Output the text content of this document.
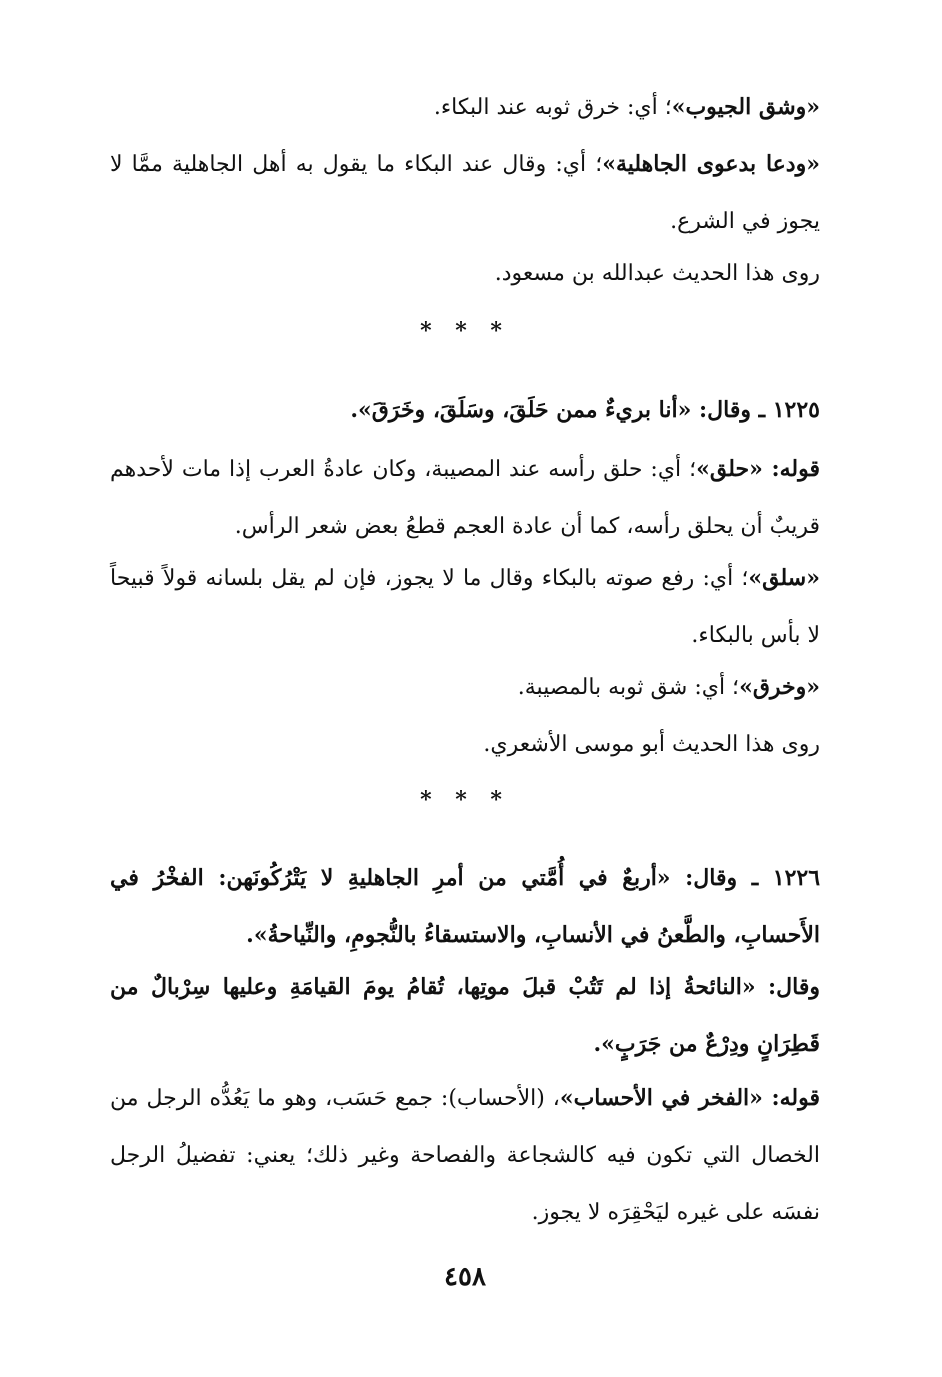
«وشق الجيوب»؛ أي: خرق ثوبه عند البكاء.

«ودعا بدعوى الجاهلية»؛ أي: وقال عند البكاء ما يقول به أهل الجاهلية ممَّا لا يجوز في الشرع.

روى هذا الحديث عبدالله بن مسعود.

* * *

١٢٢٥ ـ وقال: «أنا بريءٌ ممن حَلَقَ، وسَلَقَ، وخَرَقَ».

قوله: «حلق»؛ أي: حلق رأسه عند المصيبة، وكان عادةُ العرب إذا مات لأحدهم قريبٌ أن يحلق رأسه، كما أن عادة العجم قطعُ بعض شعر الرأس.

«سلق»؛ أي: رفع صوته بالبكاء وقال ما لا يجوز، فإن لم يقل بلسانه قولاً قبيحاً لا بأس بالبكاء.

«وخرق»؛ أي: شق ثوبه بالمصيبة.

روى هذا الحديث أبو موسى الأشعري.

* * *

١٢٢٦ ـ وقال: «أربعٌ في أُمَّتي من أمرِ الجاهليةِ لا يَتْرُكُونَهن: الفخْرُ في الأَحسابِ، والطَّعنُ في الأنسابِ، والاستسقاءُ بالنُّجومِ، والنِّياحةُ».

وقال: «النائحةُ إذا لم تَتُبْ قبلَ موتِها، تُقامُ يومَ القيامَةِ وعليها سِرْبالٌ من قَطِرَانٍ ودِرْعٌ من جَرَبٍ».

قوله: «الفخر في الأحساب»، (الأحساب): جمع حَسَب، وهو ما يَعُدُّه الرجل من الخصال التي تكون فيه كالشجاعة والفصاحة وغير ذلك؛ يعني: تفضيلُ الرجل نفسَه على غيره ليَحْقِرَه لا يجوز.

٤٥٨
